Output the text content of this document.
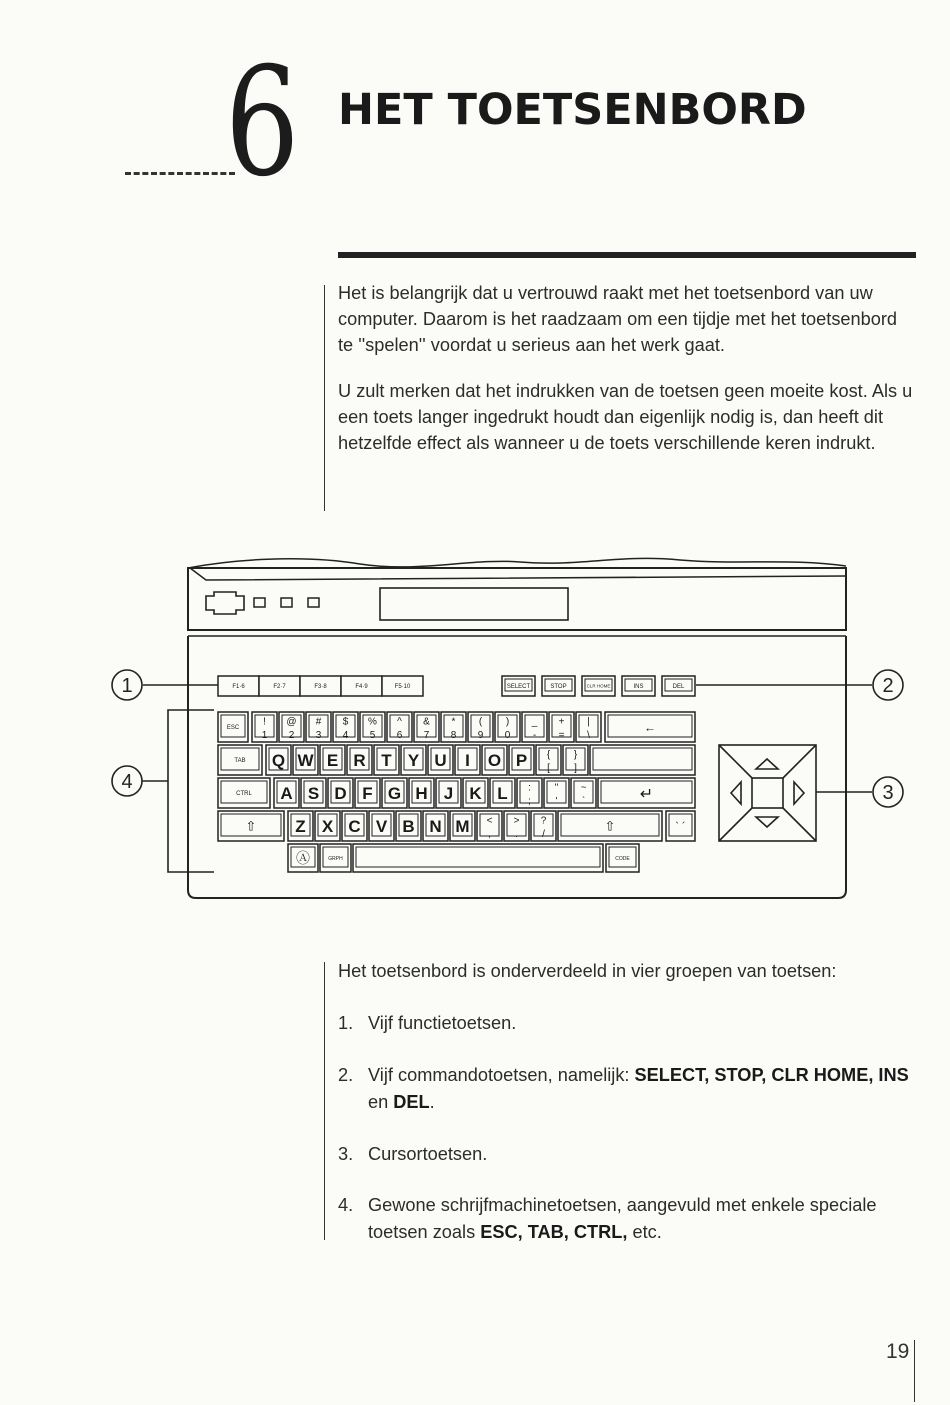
6 HET TOETSENBORD

Het is belangrijk dat u vertrouwd raakt met het toetsenbord van uw computer. Daarom is het raadzaam om een tijdje met het toetsenbord te ''spelen'' voordat u serieus aan het werk gaat.

U zult merken dat het indrukken van de toetsen geen moeite kost. Als u een toets langer ingedrukt houdt dan eigenlijk nodig is, dan heeft dit hetzelfde effect als wanneer u de toets verschillende keren indrukt.

1	2
3
4
F1·6	F2·7	F3·8	F4·9	F5·10	SELECT	STOP	CLR HOME	INS	DEL
ESC
!
1
@
2
#
3
$
4
%
5
^
6
&
7
*
8
(
9
)
0
_
-
+
=
|
\
←
TAB Q W E R T Y U I O P {
[
}
]
CTRL A S D F G H J K L :
;
"
'
~
`	↵
⇧ Z X C V B N M <
,
>
.
?
/
⇧	` ´
Ⓐ	GRPH	CODE
Het toetsenbord is onderverdeeld in vier groepen van toetsen:
1. Vijf functietoetsen.
2. Vijf commandotoetsen, namelijk: SELECT, STOP, CLR HOME, INS en DEL.
3. Cursortoetsen.
4. Gewone schrijfmachinetoetsen, aangevuld met enkele speciale toetsen zoals ESC, TAB, CTRL, etc.
19
